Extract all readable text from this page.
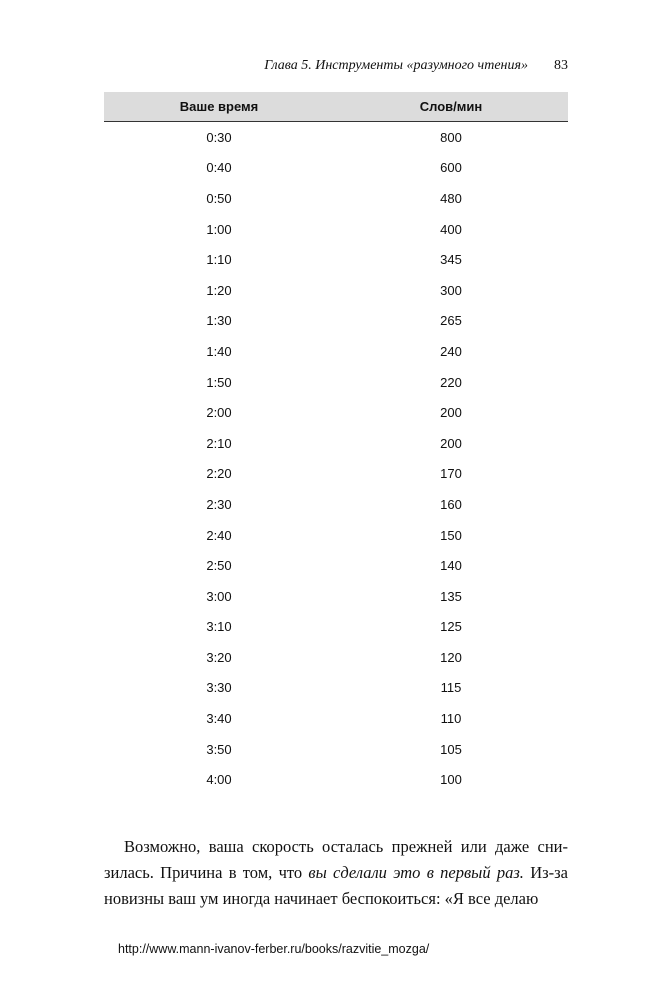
Глава 5. Инструменты «разумного чтения» 83
Ваше время	Слов/мин
0:30	800
0:40	600
0:50	480
1:00	400
1:10	345
1:20	300
1:30	265
1:40	240
1:50	220
2:00	200
2:10	200
2:20	170
2:30	160
2:40	150
2:50	140
3:00	135
3:10	125
3:20	120
3:30	115
3:40	110
3:50	105
4:00	100

Возможно, ваша скорость осталась прежней или даже снизилась. Причина в том, что вы сделали это в первый раз. Из-за новизны ваш ум иногда начинает беспокоиться: «Я все делаю

http://www.mann-ivanov-ferber.ru/books/razvitie_mozga/
